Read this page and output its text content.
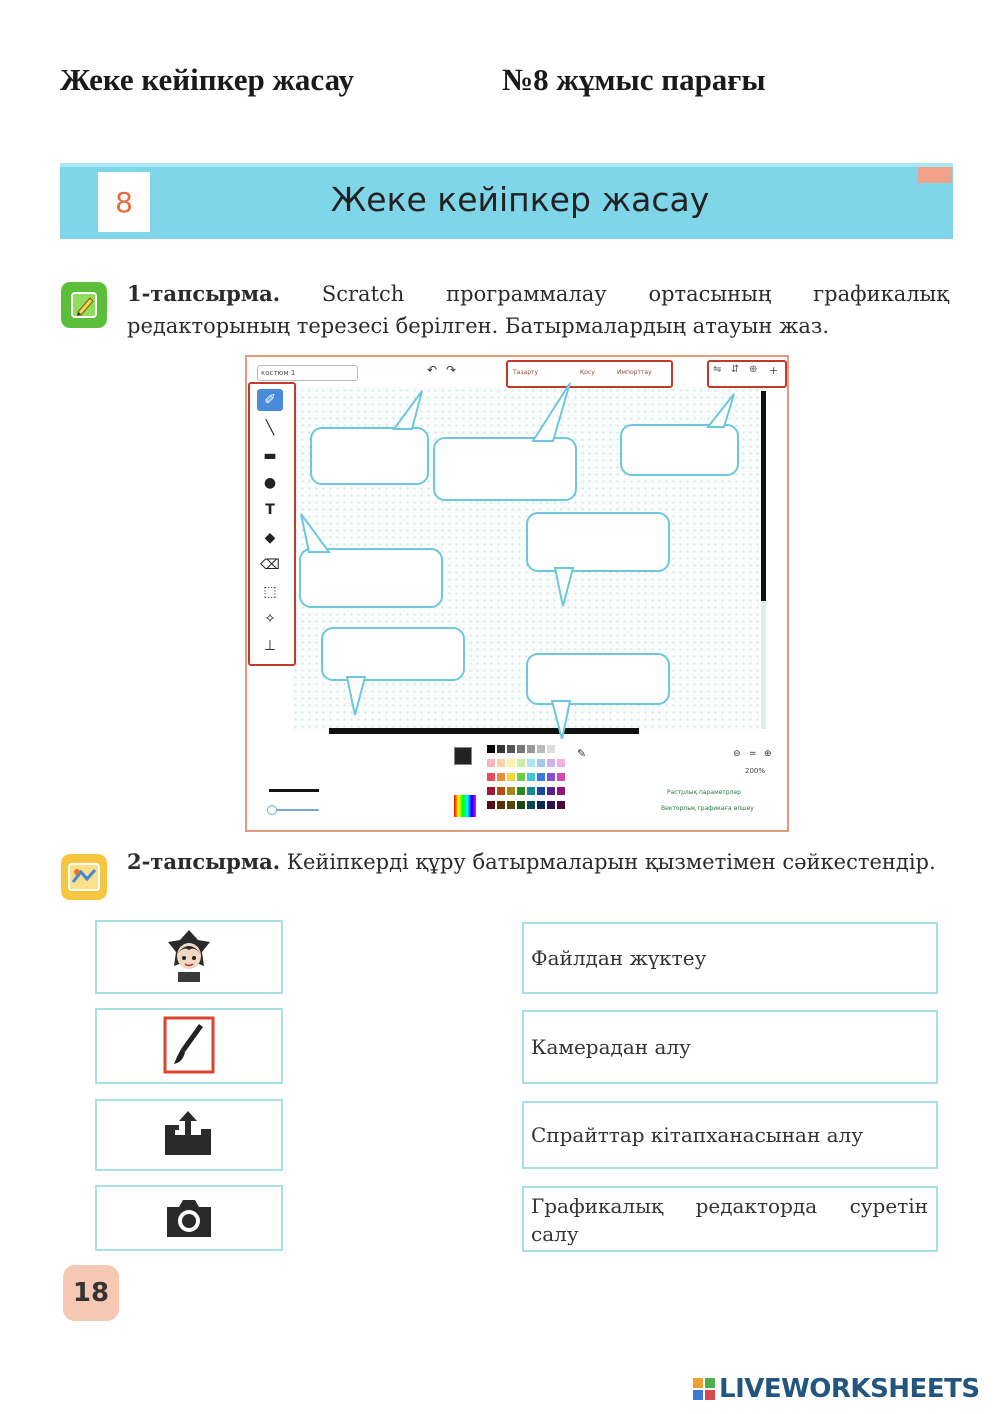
Жеке кейіпкер жасау	№8 жұмыс парағы
8	Жеке кейіпкер жасау
1-тапсырма. Scratch программалау ортасының графикалық редакторының терезесі берілген. Батырмалардың атауын жаз.
костюм 1	↶ ↷	Тазарту	Қосу	Импорттау	⇋ ⇵ ⊕ +
✐
╲
▬
●
T
◆
⌫
⬚
✧
⊥
✎	⊖ = ⊕
200%
Растрлық параметрлер
Векторлық графикаға өлшеу
2-тапсырма. Кейіпкерді құру батырмаларын қызметімен сәйкестендір.
Файлдан жүктеу
Камерадан алу
Спрайттар кітапханасынан алу
Графикалық редакторда суретін салу
18
LIVEWORKSHEETS
